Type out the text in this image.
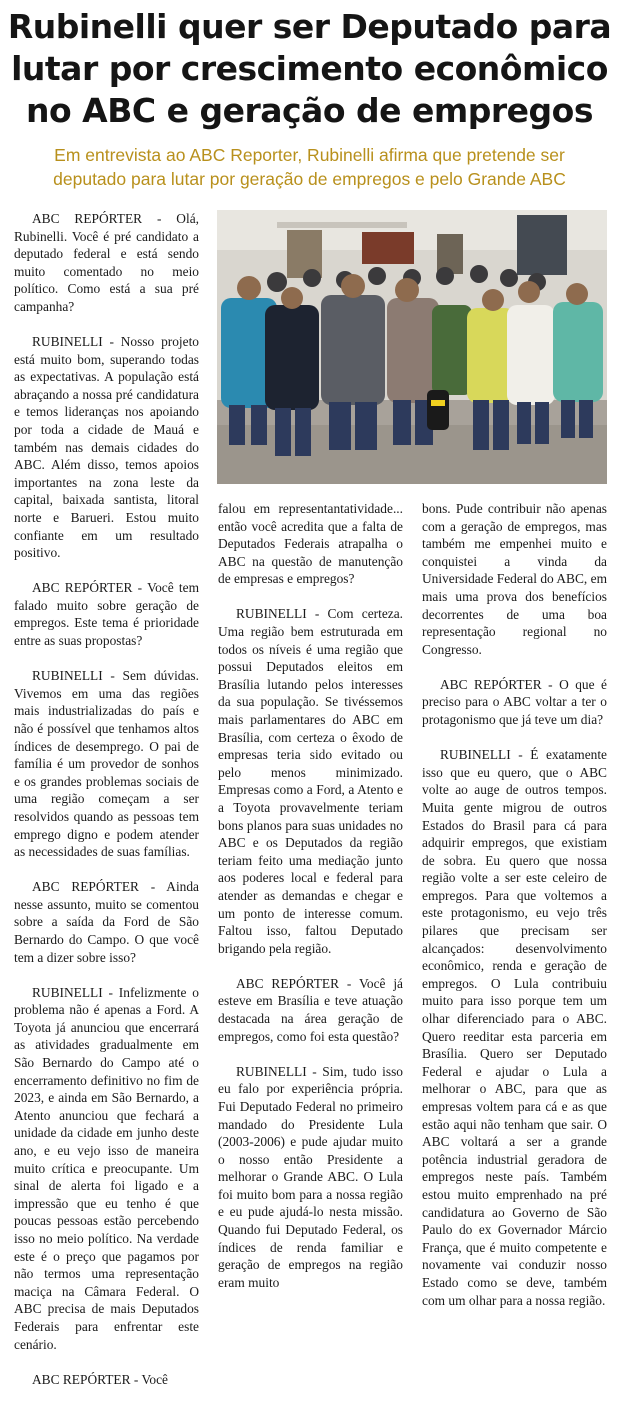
Rubinelli quer ser Deputado para
lutar por crescimento econômico
no ABC e geração de empregos
Em entrevista ao ABC Reporter, Rubinelli afirma que pretende ser
deputado para lutar por geração de empregos e pelo Grande ABC

ABC REPÓRTER - Olá, Rubinelli. Você é pré candidato a deputado federal e está sendo muito comentado no meio político. Como está a sua pré campanha?

RUBINELLI - Nosso projeto está muito bom, superando todas as expectativas. A população está abraçando a nossa pré candidatura e temos lideranças nos apoiando por toda a cidade de Mauá e também nas demais cidades do ABC. Além disso, temos apoios importantes na zona leste da capital, baixada santista, litoral norte e Barueri. Estou muito confiante em um resultado positivo.

ABC REPÓRTER - Você tem falado muito sobre geração de empregos. Este tema é prioridade entre as suas propostas?

RUBINELLI - Sem dúvidas. Vivemos em uma das regiões mais industrializadas do país e não é possível que tenhamos altos índices de desemprego. O pai de família é um provedor de sonhos e os grandes problemas sociais de uma região começam a ser resolvidos quando as pessoas tem emprego digno e podem atender as necessidades de suas famílias.

ABC REPÓRTER - Ainda nesse assunto, muito se comentou sobre a saída da Ford de São Bernardo do Campo. O que você tem a dizer sobre isso?

RUBINELLI - Infelizmente o problema não é apenas a Ford. A Toyota já anunciou que encerrará as atividades gradualmente em São Bernardo do Campo até o encerramento definitivo no fim de 2023, e ainda em São Bernardo, a Atento anunciou que fechará a unidade da cidade em junho deste ano, e eu vejo isso de maneira muito crítica e preocupante. Um sinal de alerta foi ligado e a impressão que eu tenho é que poucas pessoas estão percebendo isso no meio político. Na verdade este é o preço que pagamos por não termos uma representação maciça na Câmara Federal. O ABC precisa de mais Deputados Federais para enfrentar este cenário.

ABC REPÓRTER - Você

falou em representantatividade... então você acredita que a falta de Deputados Federais atrapalha o ABC na questão de manutenção de empresas e empregos?

RUBINELLI - Com certeza. Uma região bem estruturada em todos os níveis é uma região que possui Deputados eleitos em Brasília lutando pelos interesses da sua população. Se tivéssemos mais parlamentares do ABC em Brasília, com certeza o êxodo de empresas teria sido evitado ou pelo menos minimizado. Empresas como a Ford, a Atento e a Toyota provavelmente teriam bons planos para suas unidades no ABC e os Deputados da região teriam feito uma mediação junto aos poderes local e federal para atender as demandas e chegar e um ponto de interesse comum. Faltou isso, faltou Deputado brigando pela região.

ABC REPÓRTER - Você já esteve em Brasília e teve atuação destacada na área geração de empregos, como foi esta questão?

RUBINELLI - Sim, tudo isso eu falo por experiência própria. Fui Deputado Federal no primeiro mandado do Presidente Lula (2003-2006) e pude ajudar muito o nosso então Presidente a melhorar o Grande ABC. O Lula foi muito bom para a nossa região e eu pude ajudá-lo nesta missão. Quando fui Deputado Federal, os índices de renda familiar e geração de empregos na região eram muito

bons. Pude contribuir não apenas com a geração de empregos, mas também me empenhei muito e conquistei a vinda da Universidade Federal do ABC, em mais uma prova dos benefícios decorrentes de uma boa representação regional no Congresso.

ABC REPÓRTER - O que é preciso para o ABC voltar a ter o protagonismo que já teve um dia?

RUBINELLI - É exatamente isso que eu quero, que o ABC volte ao auge de outros tempos. Muita gente migrou de outros Estados do Brasil para cá para adquirir empregos, que existiam de sobra. Eu quero que nossa região volte a ser este celeiro de empregos. Para que voltemos a este protagonismo, eu vejo três pilares que precisam ser alcançados: desenvolvimento econômico, renda e geração de empregos. O Lula contribuiu muito para isso porque tem um olhar diferenciado para o ABC. Quero reeditar esta parceria em Brasília. Quero ser Deputado Federal e ajudar o Lula a melhorar o ABC, para que as empresas voltem para cá e as que estão aqui não tenham que sair. O ABC voltará a ser a grande potência industrial geradora de empregos neste país. Também estou muito emprenhado na pré candidatura ao Governo de São Paulo do ex Governador Márcio França, que é muito competente e novamente vai conduzir nosso Estado como se deve, também com um olhar para a nossa região.
